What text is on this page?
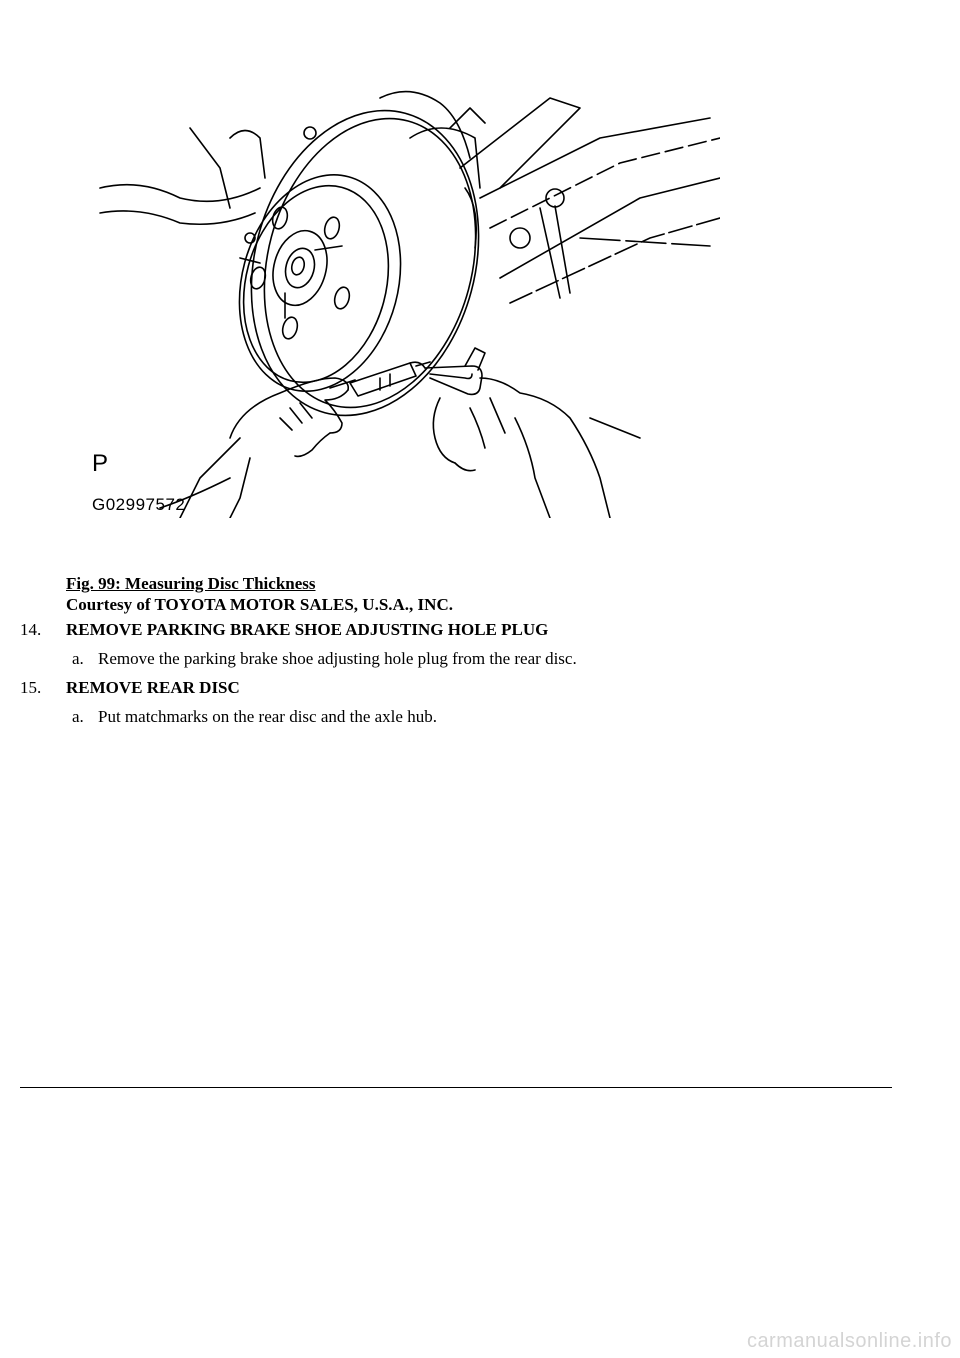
P
G02997572
Fig. 99: Measuring Disc Thickness
Courtesy of TOYOTA MOTOR SALES, U.S.A., INC.
14. REMOVE PARKING BRAKE SHOE ADJUSTING HOLE PLUG
a. Remove the parking brake shoe adjusting hole plug from the rear disc.
15. REMOVE REAR DISC
a. Put matchmarks on the rear disc and the axle hub.
carmanualsonline.info
